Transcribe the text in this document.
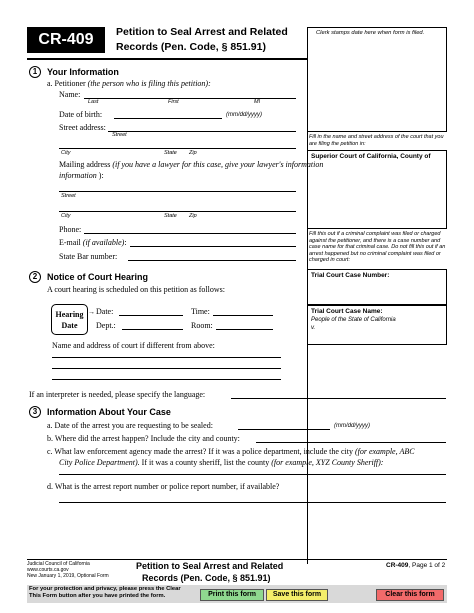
CR-409	Petition to Seal Arrest and Related
Records (Pen. Code, § 851.91)
Clerk stamps date here when form is filed.
Fill in the name and street address of the court that you are filing the petition in:
Superior Court of California, County of
Fill this out if a criminal complaint was filed or charged against the petitioner, and there is a case number and case name for that criminal case. Do not fill this out if an arrest happened but no criminal complaint was filed or charged in court:
Trial Court Case Number:
Trial Court Case Name:
People of the State of California
v.
1	Your Information
a. Petitioner (the person who is filing this petition):
Name:
Last	First	MI
Date of birth:	(mm/dd/yyyy)
Street address:
Street
City	State Zip
Mailing address (if you have a lawyer for this case, give your lawyer's information
information ):
Street
City	State Zip
Phone:
E-mail (if available):
State Bar number:
2	Notice of Court Hearing
A court hearing is scheduled on this petition as follows:
Hearing
Date
→ Date:	Time:
Dept.:	Room:
Name and address of court if different from above:
If an interpreter is needed, please specify the language:
3	Information About Your Case
a. Date of the arrest you are requesting to be sealed:	(mm/dd/yyyy)
b. Where did the arrest happen? Include the city and county:
c. What law enforcement agency made the arrest? If it was a police department, include the city (for example, ABC
City Police Department). If it was a county sheriff, list the county (for example, XYZ County Sheriff):
d. What is the arrest report number or police report number, if available?
Judicial Council of California
www.courts.ca.gov
New January 1, 2019, Optional Form
Petition to Seal Arrest and Related
Records (Pen. Code, § 851.91)
CR-409, Page 1 of 2
For your protection and privacy, please press the Clear
This Form button after you have printed the form.	Print this form	Save this form	Clear this form
